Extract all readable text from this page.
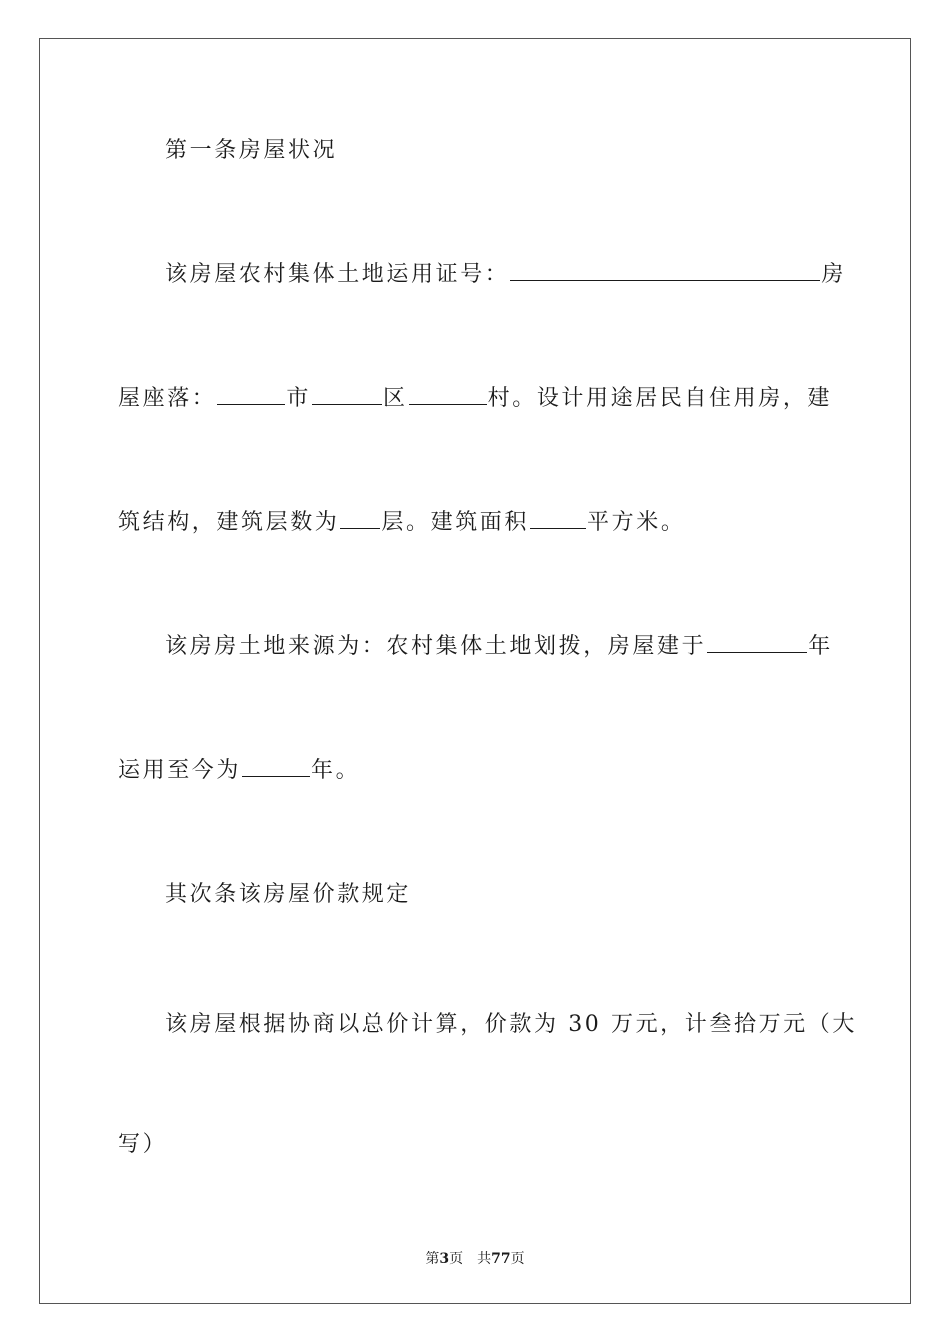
第一条房屋状况
该房屋农村集体土地运用证号：	房
屋座落：	市	区	村。设计用途居民自住用房，建
筑结构，建筑层数为 层。建筑面积	平方米。
该房房土地来源为：农村集体土地划拨，房屋建于	年
运用至今为	年。
其次条该房屋价款规定
该房屋根据协商以总价计算，价款为 30 万元，计叁拾万元（大
写）
第3页 共77页
